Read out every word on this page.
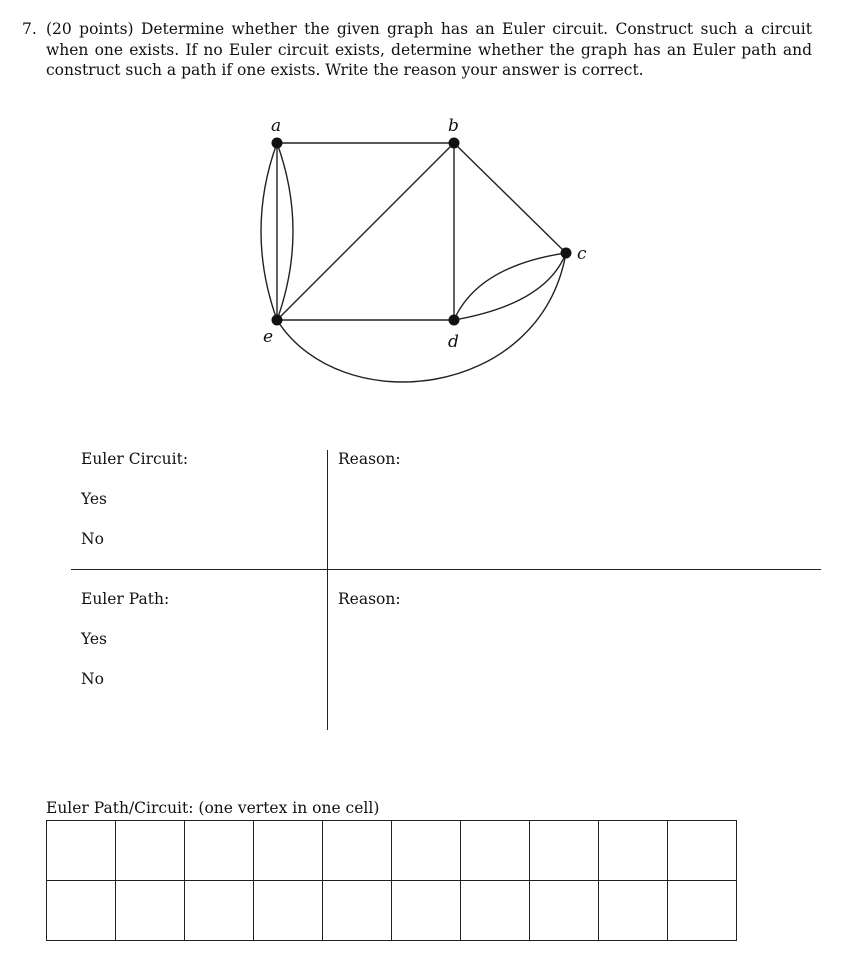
7. (20 points) Determine whether the given graph has an Euler circuit. Construct such a circuit when one exists. If no Euler circuit exists, determine whether the graph has an Euler path and construct such a path if one exists. Write the reason your answer is correct.
a	b
c
d
e
Euler Circuit:
Yes
No
Reason:
Euler Path:
Yes
No
Reason:
Euler Path/Circuit: (one vertex in one cell)
